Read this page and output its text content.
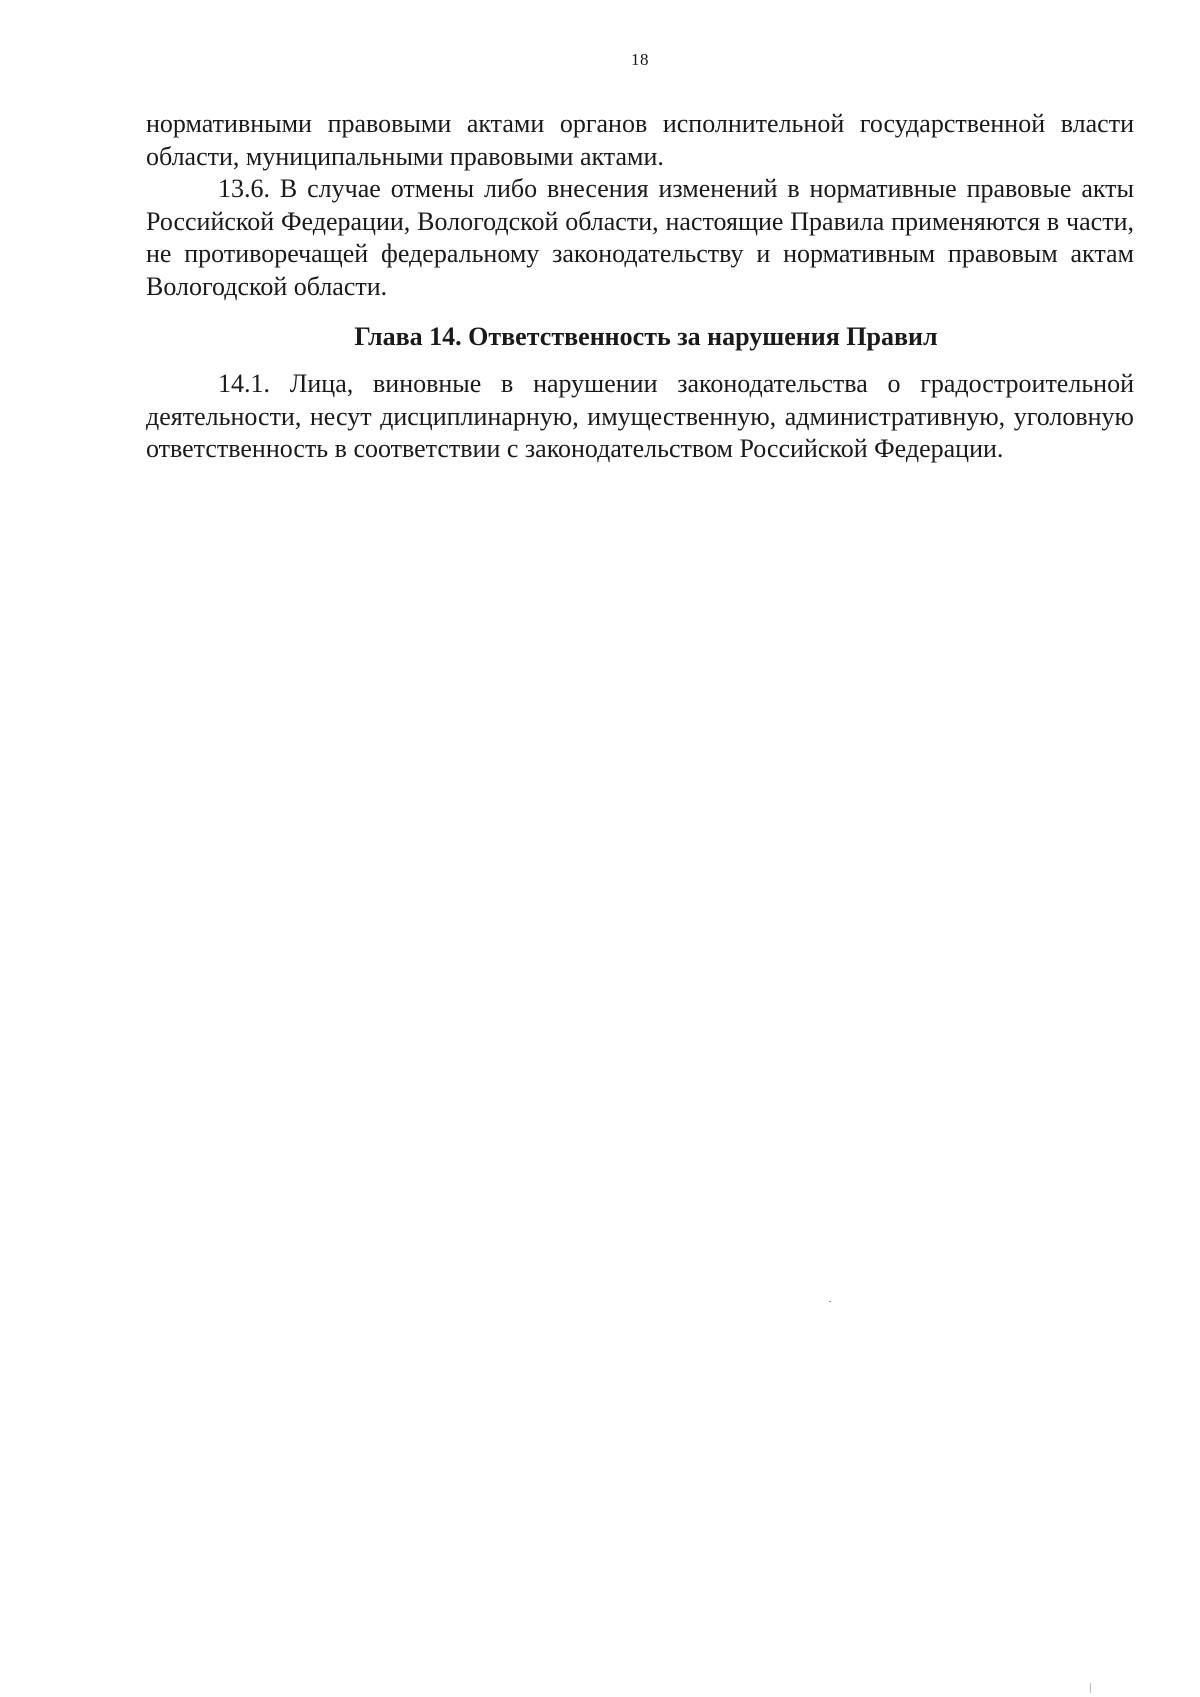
18

нормативными правовыми актами органов исполнительной государственной власти области, муниципальными правовыми актами.

13.6. В случае отмены либо внесения изменений в нормативные правовые акты Российской Федерации, Вологодской области, настоящие Правила применяются в части, не противоречащей федеральному законодательству и нормативным правовым актам Вологодской области.

Глава 14. Ответственность за нарушения Правил

14.1. Лица, виновные в нарушении законодательства о градостроительной деятельности, несут дисциплинарную, имущественную, административную, уголовную ответственность в соответствии с законодательством Российской Федерации.
